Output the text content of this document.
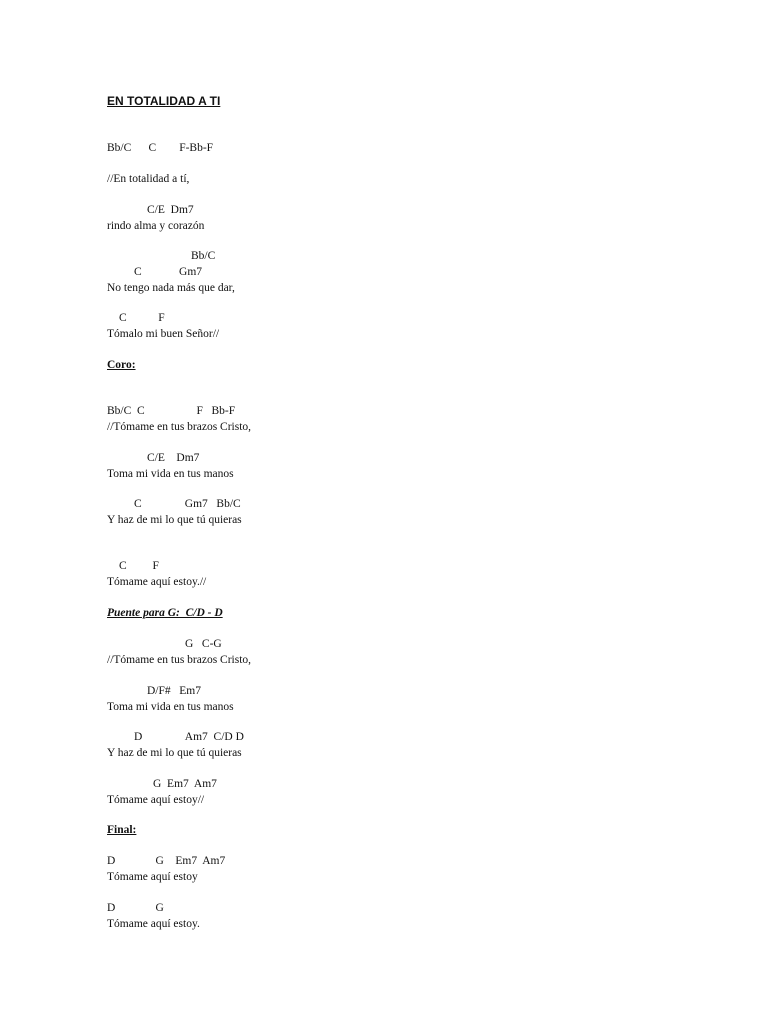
EN TOTALIDAD A TI
Bb/C      C        F-Bb-F
//En totalidad a tí,
C/E  Dm7
rindo alma y corazón
Bb/C
C             Gm7
No tengo nada más que dar,
C           F
Tómalo mi buen Señor//
Coro:
Bb/C  C                  F   Bb-F
//Tómame en tus brazos Cristo,
C/E    Dm7
Toma mi vida en tus manos
C               Gm7   Bb/C
Y haz de mi lo que tú quieras
C         F
Tómame aquí estoy.//
Puente para G:  C/D - D
G   C-G
//Tómame en tus brazos Cristo,
D/F#   Em7
Toma mi vida en tus manos
D               Am7  C/D D
Y haz de mi lo que tú quieras
G  Em7  Am7
Tómame aquí estoy//
Final:
D              G    Em7  Am7
Tómame aquí estoy
D              G
Tómame aquí estoy.
